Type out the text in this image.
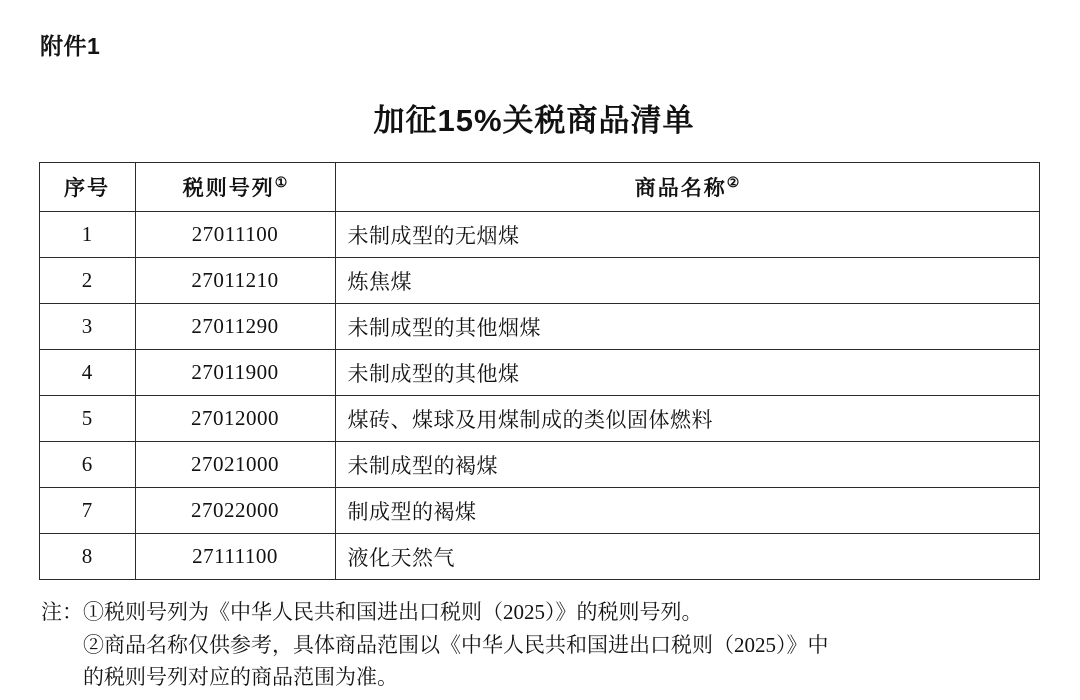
附件1
加征15%关税商品清单
序号	税则号列①	商品名称②
1	27011100	未制成型的无烟煤
2	27011210	炼焦煤
3	27011290	未制成型的其他烟煤
4	27011900	未制成型的其他煤
5	27012000	煤砖、煤球及用煤制成的类似固体燃料
6	27021000	未制成型的褐煤
7	27022000	制成型的褐煤
8	27111100	液化天然气
注： ①税则号列为《中华人民共和国进出口税则（2025）》的税则号列。
②商品名称仅供参考，具体商品范围以《中华人民共和国进出口税则（2025）》中
的税则号列对应的商品范围为准。
